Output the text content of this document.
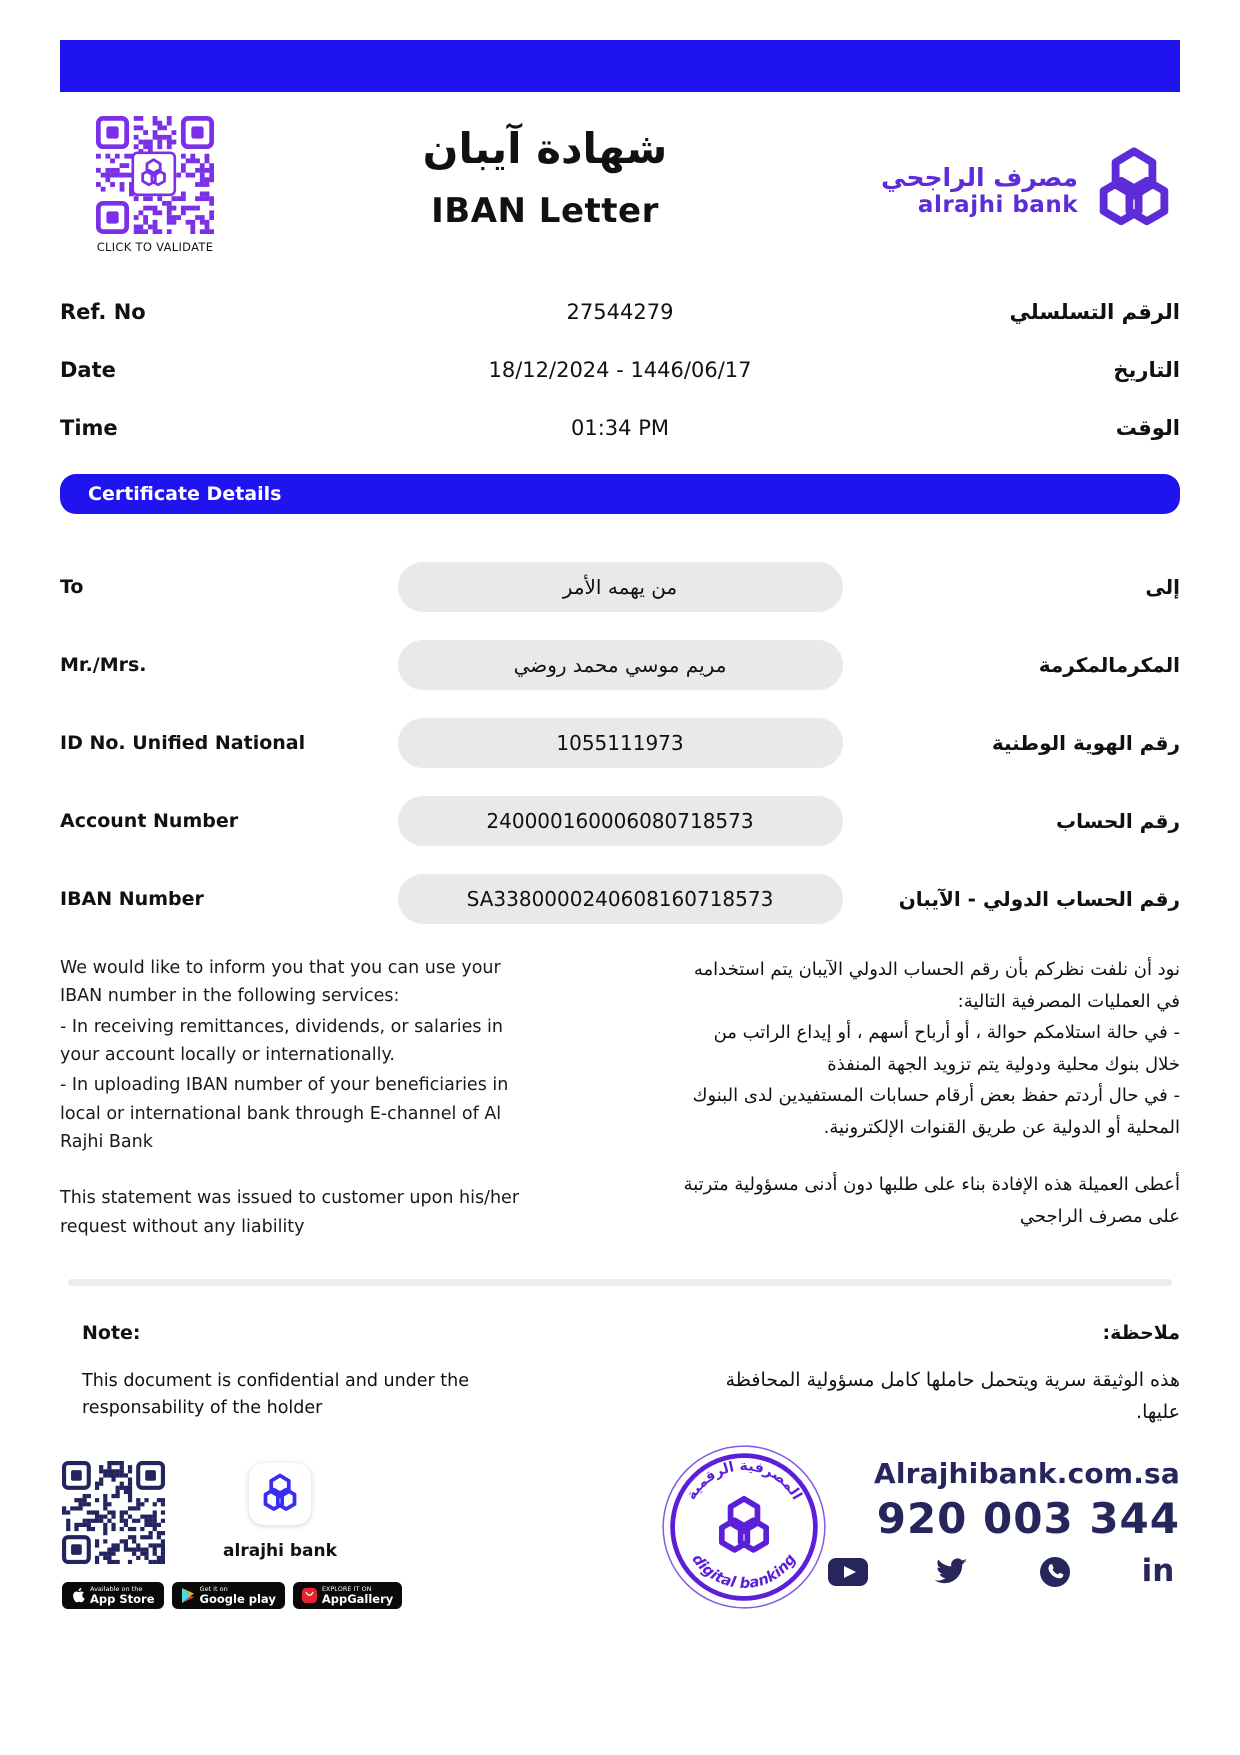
CLICK TO VALIDATE
شهادة آيبان
IBAN Letter
مصرف الراجحي
alrajhi bank
Ref. No	27544279	الرقم التسلسلي
Date	18/12/2024 - 1446/06/17	التاريخ
Time	01:34 PM	الوقت
Certificate Details
To	من يهمه الأمر	إلى
Mr./Mrs.	مريم موسي محمد روضي	المكرمالمكرمة
ID No. Unified National	1055111973	رقم الهوية الوطنية
Account Number	240000160006080718573	رقم الحساب
IBAN Number	SA3380000240608160718573	رقم الحساب الدولي - الآيبان

We would like to inform you that you can use your IBAN number in the following services:

- In receiving remittances, dividends, or salaries in your account locally or internationally.

- In uploading IBAN number of your beneficiaries in local or international bank through E-channel of Al Rajhi Bank

This statement was issued to customer upon his/her request without any liability

نود أن نلفت نظركم بأن رقم الحساب الدولي الآيبان يتم استخدامه في العمليات المصرفية التالية:

- في حالة استلامكم حوالة ، أو أرباح أسهم ، أو إيداع الراتب من خلال بنوك محلية ودولية يتم تزويد الجهة المنفذة

- في حال أردتم حفظ بعض أرقام حسابات المستفيدين لدى البنوك المحلية أو الدولية عن طريق القنوات الإلكترونية.

أعطى العميلة هذه الإفادة بناء على طلبها دون أدنى مسؤولية مترتبة على مصرف الراجحي

Note:
This document is confidential and under the responsability of the holder
ملاحظة:
هذه الوثيقة سرية ويتحمل حاملها كامل مسؤولية المحافظة عليها.
alrajhi bank
Available on the
App Store
Get it on
Google play
EXPLORE IT ON
AppGallery
المصرفية الرقمية
digital banking
Alrajhibank.com.sa
920 003 344
in
